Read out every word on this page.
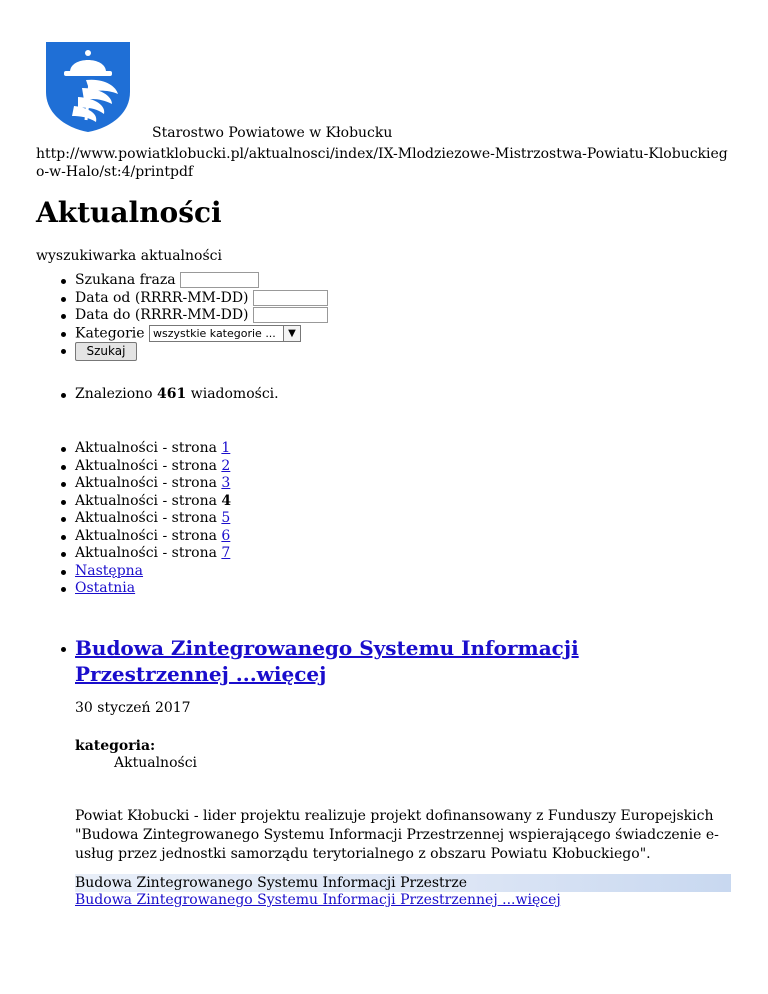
Starostwo Powiatowe w Kłobucku
http://www.powiatklobucki.pl/aktualnosci/index/IX-Mlodziezowe-Mistrzostwa-Powiatu-Klobuckiego-w-Halo/st:4/printpdf
Aktualności
wyszukiwarka aktualności
Szukana fraza
Data od (RRRR-MM-DD)
Data do (RRRR-MM-DD)
Kategorie wszystkie kategorie ...	▼
Szukaj
Znaleziono 461 wiadomości.
Aktualności - strona 1
Aktualności - strona 2
Aktualności - strona 3
Aktualności - strona 4
Aktualności - strona 5
Aktualności - strona 6
Aktualności - strona 7
Następna
Ostatnia
Budowa Zintegrowanego Systemu Informacji Przestrzennej ...więcej
30 styczeń 2017
kategoria:
Aktualności
Powiat Kłobucki - lider projektu realizuje projekt dofinansowany z Funduszy Europejskich "Budowa Zintegrowanego Systemu Informacji Przestrzennej wspierającego świadczenie e-usług przez jednostki samorządu terytorialnego z obszaru Powiatu Kłobuckiego".
Budowa Zintegrowanego Systemu Informacji Przestrze
Budowa Zintegrowanego Systemu Informacji Przestrzennej ...więcej
